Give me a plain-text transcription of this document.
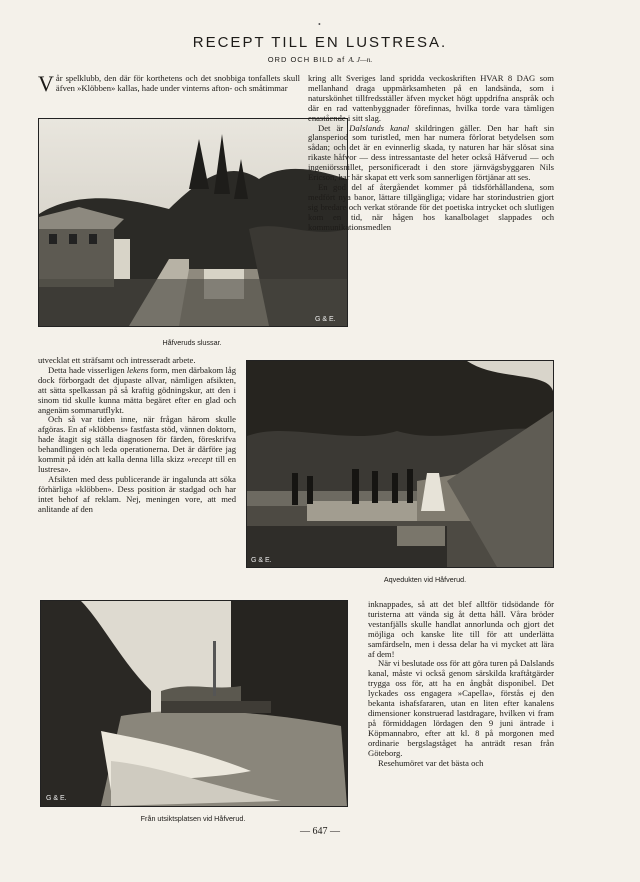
•
RECEPT TILL EN LUSTRESA.
ORD OCH BILD af A. J—n.

Vår spelklubb, den där för korthetens och det snobbiga tonfallets skull äfven »Klöbben» kallas, hade under vinterns afton- och småtimmar

G & E.
Håfveruds slussar.

kring allt Sveriges land spridda veckoskriften HVAR 8 DAG som mellanhand draga uppmärksamheten på en landsända, som i naturskönhet tillfredsställer äfven mycket högt uppdrifna anspråk och där en rad vattenbyggnader förefinnas, hvilka torde vara tämligen enastående i sitt slag.

Det är Dalslands kanal skildringen gäller. Den har haft sin glansperiod som turistled, men har numera förlorat betydelsen som sådan; och det är en evinnerlig skada, ty naturen har här slösat sina rikaste håfvor — dess intressantaste del heter också Håfverud — och ingeniörssnillet, personificeradt i den store järnvägsbyggaren Nils Ericson, har här skapat ett verk som sannerligen förtjänar att ses.

En god del af återgåendet kommer på tidsförhållandena, som medfört nya banor, lättare tillgängliga; vidare har storindustrien gjort sig bredare och verkat störande för det poetiska intrycket och slutligen kom en tid, när hågen hos kanalbolaget slappades och kommunikationsmedlen

utvecklat ett sträfsamt och intresseradt arbete.

Detta hade visserligen lekens form, men därbakom låg dock förborgadt det djupaste allvar, nämligen afsikten, att sätta spelkassan på så kraftig gödningskur, att den i sinom tid skulle kunna mätta begäret efter en glad och angenäm sommarutflykt.

Och så var tiden inne, när frågan härom skulle afgöras. En af »klöbbens» fastfasta stöd, vännen doktorn, hade åtagit sig ställa diagnosen för färden, föreskrifva behandlingen och leda operationerna. Det är därföre jag kommit på idén att kalla denna lilla skizz »recept till en lustresa».

Afsikten med dess publicerande är ingalunda att söka förhärliga »klöbben». Dess position är stadgad och har intet behof af reklam. Nej, meningen vore, att med anlitande af den

G & E.
Aqvedukten vid Håfverud.
G & E.
Från utsiktsplatsen vid Håfverud.

inknappades, så att det blef alltför tidsödande för turisterna att vända sig åt detta håll. Våra bröder vestanfjälls skulle handlat annorlunda och gjort det möjliga och kanske lite till för att underlätta samfärdseln, men i dessa delar ha vi mycket att lära af dem!

När vi beslutade oss för att göra turen på Dalslands kanal, måste vi också genom särskilda kraftåtgärder trygga oss för, att ha en ångbåt disponibel. Det lyckades oss engagera »Capella», förstås ej den bekanta ishafsfararen, utan en liten efter kanalens dimensioner konstruerad lastdragare, hvilken vi fram på förmiddagen lördagen den 9 juni äntrade i Köpmannabro, efter att kl. 8 på morgonen med ordinarie bergslagståget ha anträdt resan från Göteborg.

Resehumöret var det bästa och

— 647 —
